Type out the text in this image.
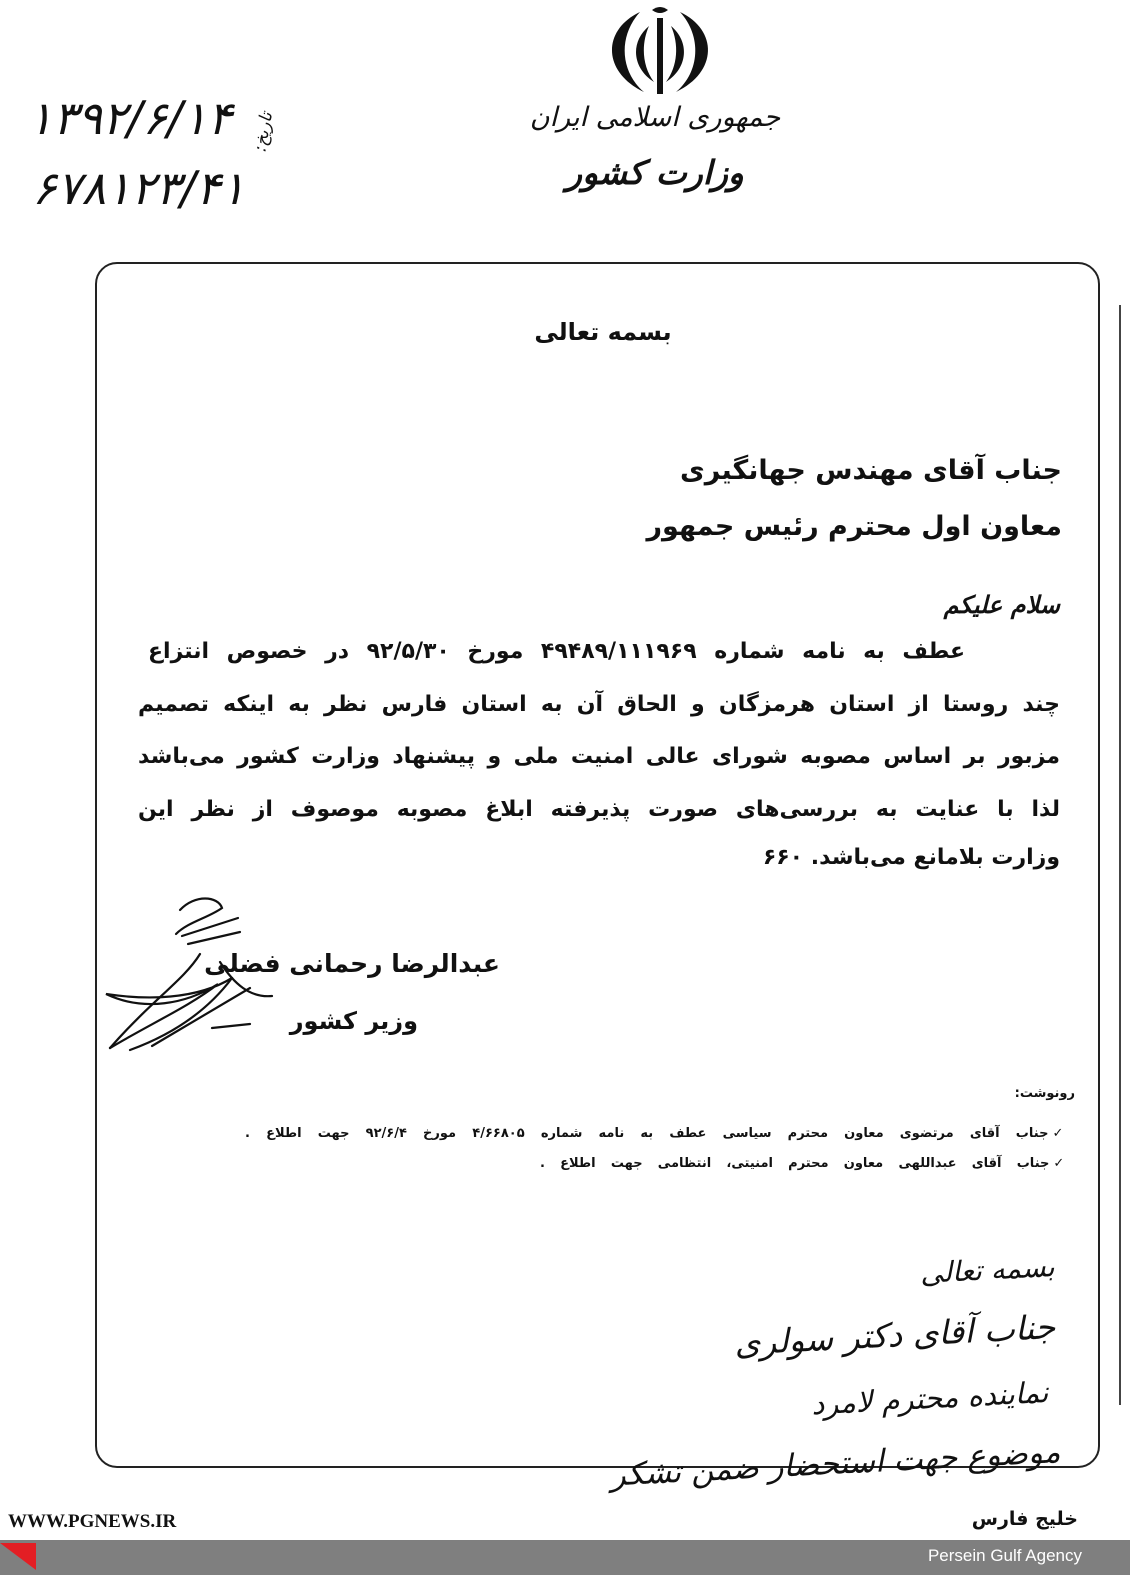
جمهوری اسلامی ایران
وزارت کشور
۱۳۹۲/۶/۱۴ تاریخ:
۶۷۸۱۲۳/۴۱
بسمه تعالی
جناب آقای مهندس جهانگیری
معاون اول محترم رئیس جمهور
سلام علیکم
عطف به نامه شماره ۴۹۴۸۹/۱۱۱۹۶۹ مورخ ۹۲/۵/۳۰ در خصوص انتزاع
چند روستا از استان هرمزگان و الحاق آن به استان فارس نظر به اینکه تصمیم
مزبور بر اساس مصوبه شورای عالی امنیت ملی و پیشنهاد وزارت کشور می‌باشد
لذا با عنایت به بررسی‌های صورت پذیرفته ابلاغ مصوبه موصوف از نظر این
وزارت بلامانع می‌باشد. ۶۶۰
عبدالرضا رحمانی فضلی
وزیر کشور
رونوشت:
✓ جناب آقای مرتضوی معاون محترم سیاسی عطف به نامه شماره ۴/۶۶۸۰۵ مورخ ۹۲/۶/۴ جهت اطلاع .
✓ جناب آقای عبداللهی معاون محترم امنیتی، انتظامی جهت اطلاع .
بسمه تعالی
جناب آقای دکتر سولری
نماینده محترم لامرد
موضوع جهت استحضار ضمن تشکر
WWW.PGNEWS.IR	خلیج فارس
Persein Gulf Agency
